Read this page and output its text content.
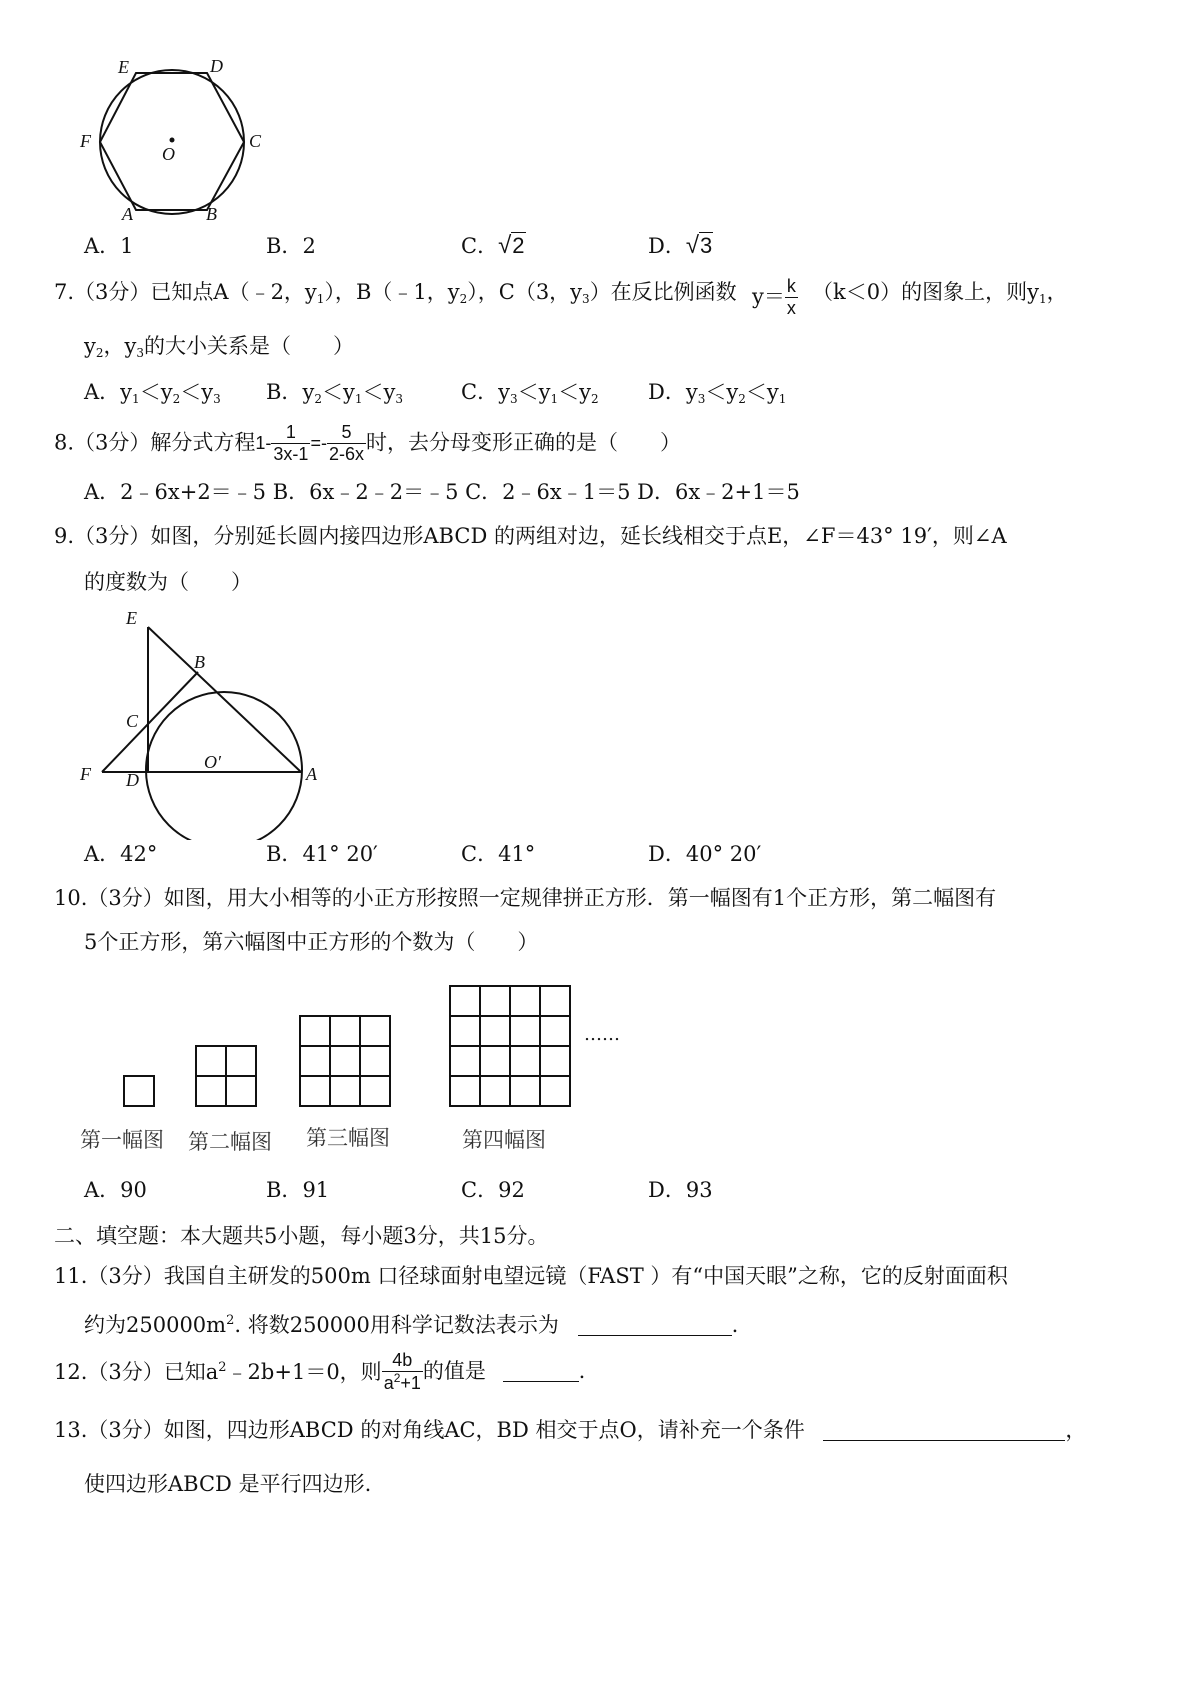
E	D
C
F
O
A	B
A．1	B．2	C．√2	D．√3
7.（3分）已知点A（﹣2，$y_1$），B（﹣1，$y_2$），C（3，$y_3$）在反比例函数 $y= \frac{k}{x} (k<0)$的图象上，则$y_1$，
$y_2$，$y_3$的大小关系是（　　）
A．$y_1<y_2<y_3$ B．$y_2<y_1<y_3$	C．$y_3<y_1<y_2$ D．$y_3<y_2<y_1$
8.（3分）解分式方程$1- \frac{1}{3x-1} =- \frac{5}{2-6x}$ 时，去分母变形正确的是（　　）
A．2﹣6x+2＝﹣5 B．6x﹣2﹣2＝﹣5 C．2﹣6x﹣1＝5 D．6x﹣2+1＝5
9.（3分）如图，分别延长圆内接四边形ABCD 的两组对边，延长线相交于点E，∠F＝43° 19′，则∠A
的度数为（　　）
E
B
C
O′
F D	A
A．42°	B．41° 20′	C．41°	D．40° 20′
10.（3分）如图，用大小相等的小正方形按照一定规律拼正方形．第一幅图有1个正方形，第二幅图有
5个正方形，第六幅图中正方形的个数为（　　）
……
第一幅图 第二幅图 第三幅图	第四幅图
A．90	B．91	C．92	D．93
二、填空题：本大题共5小题，每小题3分，共15分。
11.（3分）我国自主研发的500m 口径球面射电望远镜（FAST ）有“中国天眼”之称，它的反射面面积
约为$250000m^2$. 将数250000用科学记数法表示为	.
12.（3分）已知$a^2﹣2b+1=0$，则 $\frac{4b}{a^2+1}$ 的值是	.
13.（3分）如图，四边形ABCD 的对角线AC，BD 相交于点O，请补充一个条件	，
使四边形ABCD 是平行四边形.
